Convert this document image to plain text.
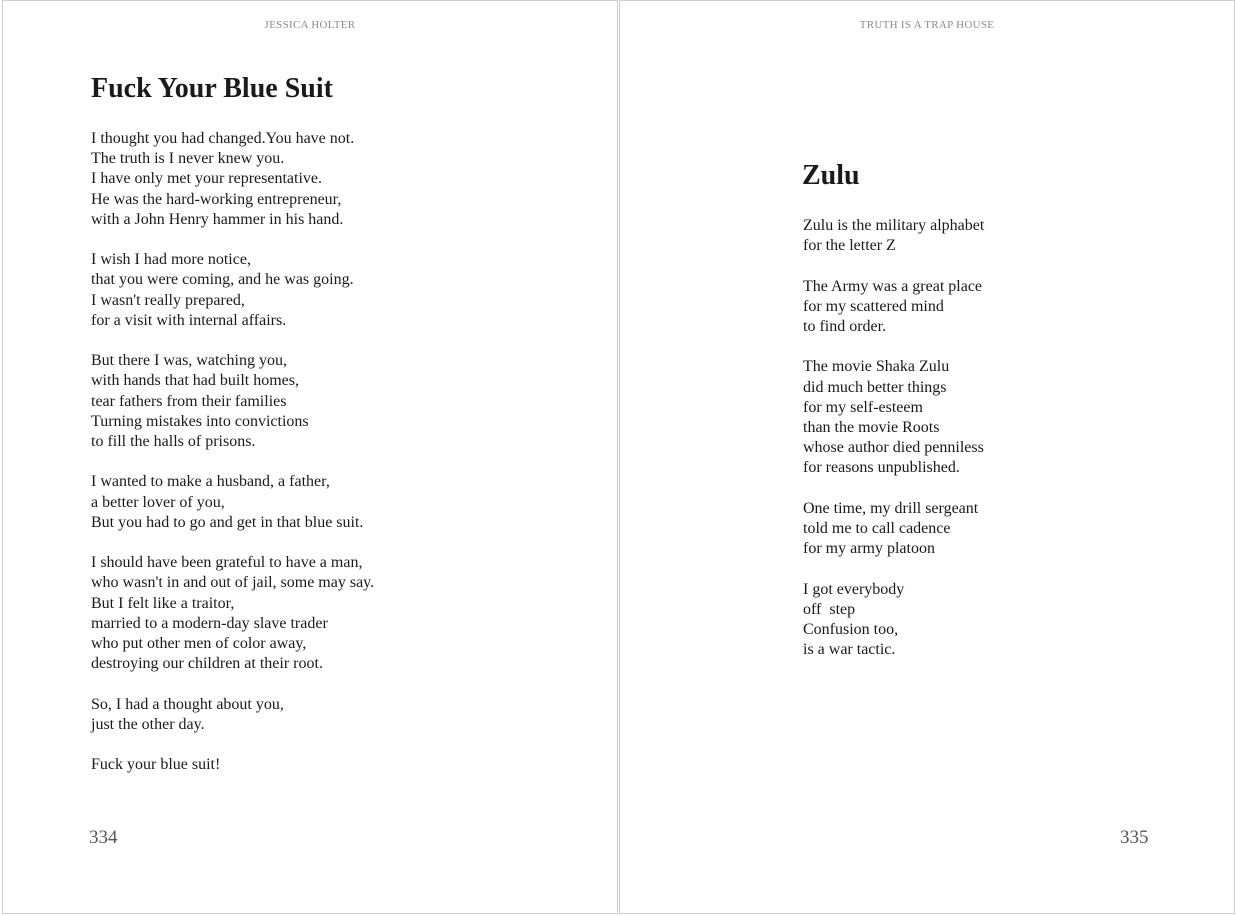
JESSICA HOLTER
Fuck Your Blue Suit
I thought you had changed.You have not.
The truth is I never knew you.
I have only met your representative.
He was the hard-working entrepreneur,
with a John Henry hammer in his hand.
I wish I had more notice,
that you were coming, and he was going.
I wasn't really prepared,
for a visit with internal affairs.
But there I was, watching you,
with hands that had built homes,
tear fathers from their families
Turning mistakes into convictions
to fill the halls of prisons.
I wanted to make a husband, a father,
a better lover of you,
But you had to go and get in that blue suit.
I should have been grateful to have a man,
who wasn't in and out of jail, some may say.
But I felt like a traitor,
married to a modern-day slave trader
who put other men of color away,
destroying our children at their root.
So, I had a thought about you,
just the other day.
Fuck your blue suit!
334
TRUTH IS A TRAP HOUSE
Zulu
Zulu is the military alphabet
for the letter Z
The Army was a great place
for my scattered mind
to find order.
The movie Shaka Zulu
did much better things
for my self-esteem
than the movie Roots
whose author died penniless
for reasons unpublished.
One time, my drill sergeant
told me to call cadence
for my army platoon
I got everybody
off  step
Confusion too,
is a war tactic.
335
